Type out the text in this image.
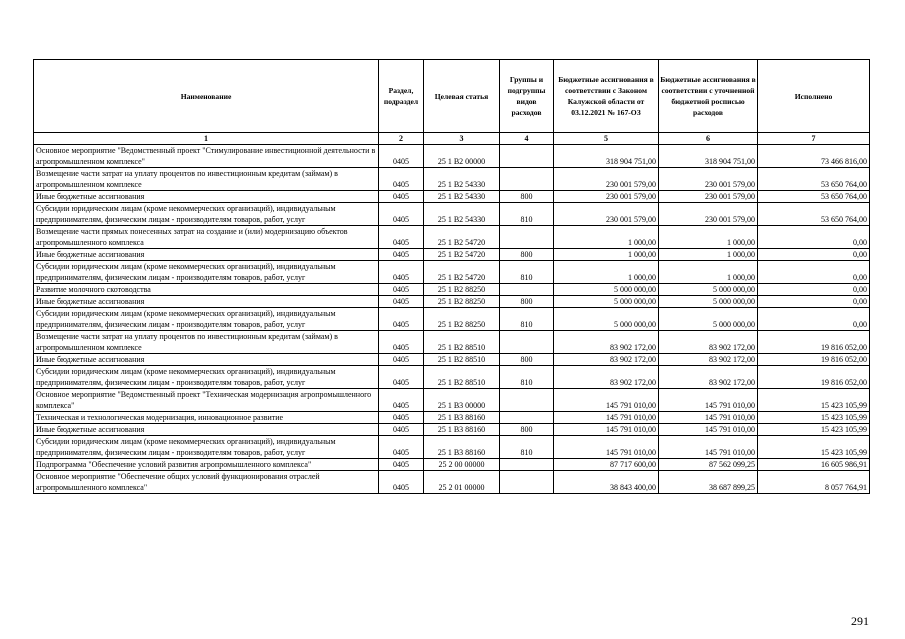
Наименование	Раздел, подраздел	Целевая статья	Группы и подгруппы видов расходов	Бюджетные ассигнования в соответствии с Законом Калужской области от 03.12.2021 № 167-ОЗ	Бюджетные ассигнования в соответствии с уточненной бюджетной росписью расходов	Исполнено
1	2	3	4	5	6	7
Основное мероприятие "Ведомственный проект "Стимулирование инвестиционной деятельности в агропромышленном комплексе"	0405	25 1 B2 00000		318 904 751,00	318 904 751,00	73 466 816,00
Возмещение части затрат на уплату процентов по инвестиционным кредитам (займам) в агропромышленном комплексе	0405	25 1 B2 54330		230 001 579,00	230 001 579,00	53 650 764,00
Иные бюджетные ассигнования	0405	25 1 B2 54330	800	230 001 579,00	230 001 579,00	53 650 764,00
Субсидии юридическим лицам (кроме некоммерческих организаций), индивидуальным предпринимателям, физическим лицам - производителям товаров, работ, услуг	0405	25 1 B2 54330	810	230 001 579,00	230 001 579,00	53 650 764,00
Возмещение части прямых понесенных затрат на создание и (или) модернизацию объектов агропромышленного комплекса	0405	25 1 B2 54720		1 000,00	1 000,00	0,00
Иные бюджетные ассигнования	0405	25 1 B2 54720	800	1 000,00	1 000,00	0,00
Субсидии юридическим лицам (кроме некоммерческих организаций), индивидуальным предпринимателям, физическим лицам - производителям товаров, работ, услуг	0405	25 1 B2 54720	810	1 000,00	1 000,00	0,00
Развитие молочного скотоводства	0405	25 1 B2 88250		5 000 000,00	5 000 000,00	0,00
Иные бюджетные ассигнования	0405	25 1 B2 88250	800	5 000 000,00	5 000 000,00	0,00
Субсидии юридическим лицам (кроме некоммерческих организаций), индивидуальным предпринимателям, физическим лицам - производителям товаров, работ, услуг	0405	25 1 B2 88250	810	5 000 000,00	5 000 000,00	0,00
Возмещение части затрат на уплату процентов по инвестиционным кредитам (займам) в агропромышленном комплексе	0405	25 1 B2 88510		83 902 172,00	83 902 172,00	19 816 052,00
Иные бюджетные ассигнования	0405	25 1 B2 88510	800	83 902 172,00	83 902 172,00	19 816 052,00
Субсидии юридическим лицам (кроме некоммерческих организаций), индивидуальным предпринимателям, физическим лицам - производителям товаров, работ, услуг	0405	25 1 B2 88510	810	83 902 172,00	83 902 172,00	19 816 052,00
Основное мероприятие "Ведомственный проект "Техническая модернизация агропромышленного комплекса"	0405	25 1 B3 00000		145 791 010,00	145 791 010,00	15 423 105,99
Техническая и технологическая модернизация, инновационное развитие	0405	25 1 B3 88160		145 791 010,00	145 791 010,00	15 423 105,99
Иные бюджетные ассигнования	0405	25 1 B3 88160	800	145 791 010,00	145 791 010,00	15 423 105,99
Субсидии юридическим лицам (кроме некоммерческих организаций), индивидуальным предпринимателям, физическим лицам - производителям товаров, работ, услуг	0405	25 1 B3 88160	810	145 791 010,00	145 791 010,00	15 423 105,99
Подпрограмма "Обеспечение условий развития агропромышленного комплекса"	0405	25 2 00 00000		87 717 600,00	87 562 099,25	16 605 986,91
Основное мероприятие "Обеспечение общих условий функционирования отраслей агропромышленного комплекса"	0405	25 2 01 00000		38 843 400,00	38 687 899,25	8 057 764,91
291
